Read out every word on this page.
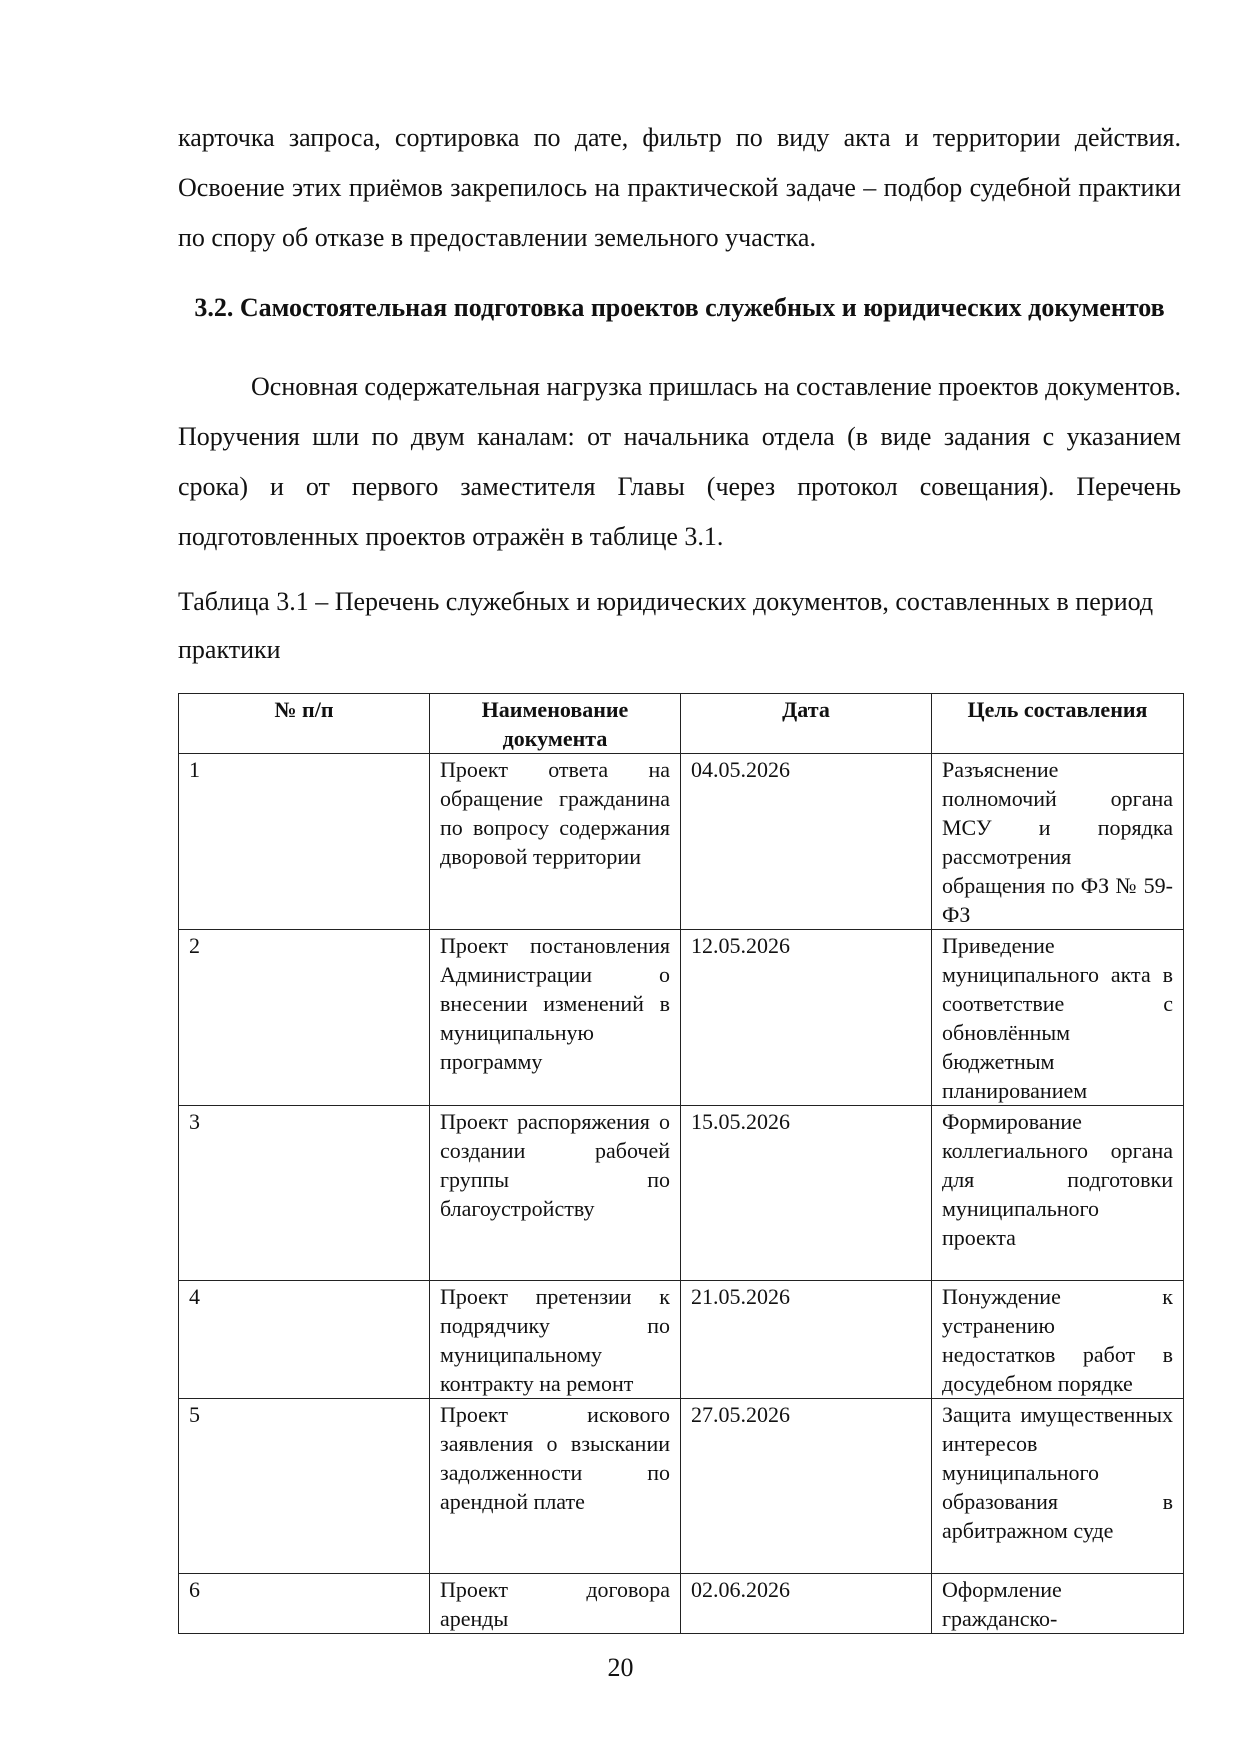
карточка запроса, сортировка по дате, фильтр по виду акта и территории действия. Освоение этих приёмов закрепилось на практической задаче – подбор судебной практики по спору об отказе в предоставлении земельного участка.

3.2. Самостоятельная подготовка проектов служебных и юридических документов

Основная содержательная нагрузка пришлась на составление проектов документов. Поручения шли по двум каналам: от начальника отдела (в виде задания с указанием срока) и от первого заместителя Главы (через протокол совещания). Перечень подготовленных проектов отражён в таблице 3.1.

Таблица 3.1 – Перечень служебных и юридических документов, составленных в период практики

№ п/п	Наименование документа	Дата	Цель составления
1	Проект ответа на обращение гражданина по вопросу содержания дворовой территории	04.05.2026	Разъяснение полномочий органа МСУ и порядка рассмотрения обращения по ФЗ № 59-ФЗ
2	Проект постановления Администрации о внесении изменений в муниципальную программу	12.05.2026	Приведение муниципального акта в соответствие с обновлённым бюджетным планированием
3	Проект распоряжения о создании рабочей группы по благоустройству	15.05.2026	Формирование коллегиального органа для подготовки муниципального проекта
4	Проект претензии к подрядчику по муниципальному контракту на ремонт	21.05.2026	Понуждение к устранению недостатков работ в досудебном порядке
5	Проект искового заявления о взыскании задолженности по арендной плате	27.05.2026	Защита имущественных интересов муниципального образования в арбитражном суде
6	Проект договора аренды	02.06.2026	Оформление гражданско-
20
